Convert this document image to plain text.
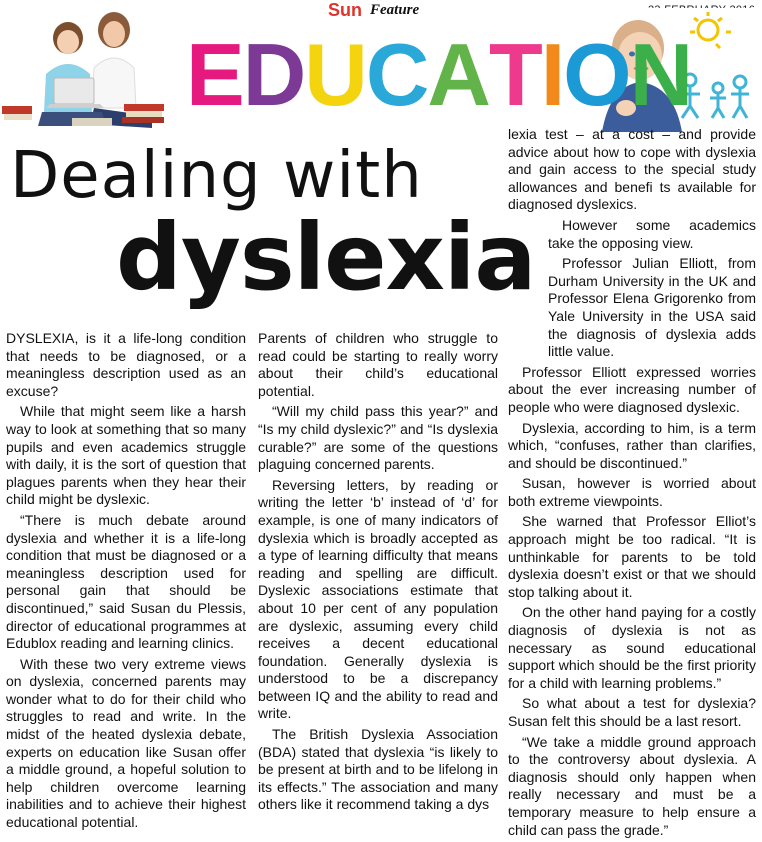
Sun Feature
EDUCATION
Dealing with
dyslexia

DYSLEXIA, is it a life-long condition that needs to be diagnosed, or a meaningless description used as an excuse?

While that might seem like a harsh way to look at something that so many pupils and even academics struggle with daily, it is the sort of question that plagues parents when they hear their child might be dyslexic.

“There is much debate around dyslexia and whether it is a life-long condition that must be diagnosed or a meaningless description used for personal gain that should be discontinued,” said Susan du Plessis, director of educational programmes at Edublox reading and learning clinics.

With these two very extreme views on dyslexia, concerned parents may wonder what to do for their child who struggles to read and write. In the midst of the heated dyslexia debate, experts on education like Susan offer a middle ground, a hopeful solution to help children overcome learning inabilities and to achieve their highest educational potential.

Parents of children who struggle to read could be starting to really worry about their child’s educational potential.

“Will my child pass this year?” and “Is my child dyslexic?” and “Is dyslexia curable?” are some of the questions plaguing concerned parents.

Reversing letters, by reading or writing the letter ‘b’ instead of ‘d’ for example, is one of many indicators of dyslexia which is broadly accepted as a type of learning difficulty that means reading and spelling are difficult. Dyslexic associations estimate that about 10 per cent of any population are dyslexic, assuming every child receives a decent educational foundation. Generally dyslexia is understood to be a discrepancy between IQ and the ability to read and write.

The British Dyslexia Association (BDA) stated that dyslexia “is likely to be present at birth and to be lifelong in its effects.” The association and many others like it recommend taking a dys

lexia test – at a cost – and provide advice about how to cope with dyslexia and gain access to the special study allowances and benefi ts available for diagnosed dyslexics.

However some academics take the opposing view.

Professor Julian Elliott, from Durham University in the UK and Professor Elena Grigorenko from Yale University in the USA said the diagnosis of dyslexia adds little value.

Professor Elliott expressed worries about the ever increasing number of people who were diagnosed dyslexic.

Dyslexia, according to him, is a term which, “confuses, rather than clarifies, and should be discontinued.”

Susan, however is worried about both extreme viewpoints.

She warned that Professor Elliot’s approach might be too radical. “It is unthinkable for parents to be told dyslexia doesn’t exist or that we should stop talking about it.

On the other hand paying for a costly diagnosis of dyslexia is not as necessary as sound educational support which should be the first priority for a child with learning problems.”

So what about a test for dyslexia? Susan felt this should be a last resort.

“We take a middle ground approach to the controversy about dyslexia. A diagnosis should only happen when really necessary and must be a temporary measure to help ensure a child can pass the grade.”
